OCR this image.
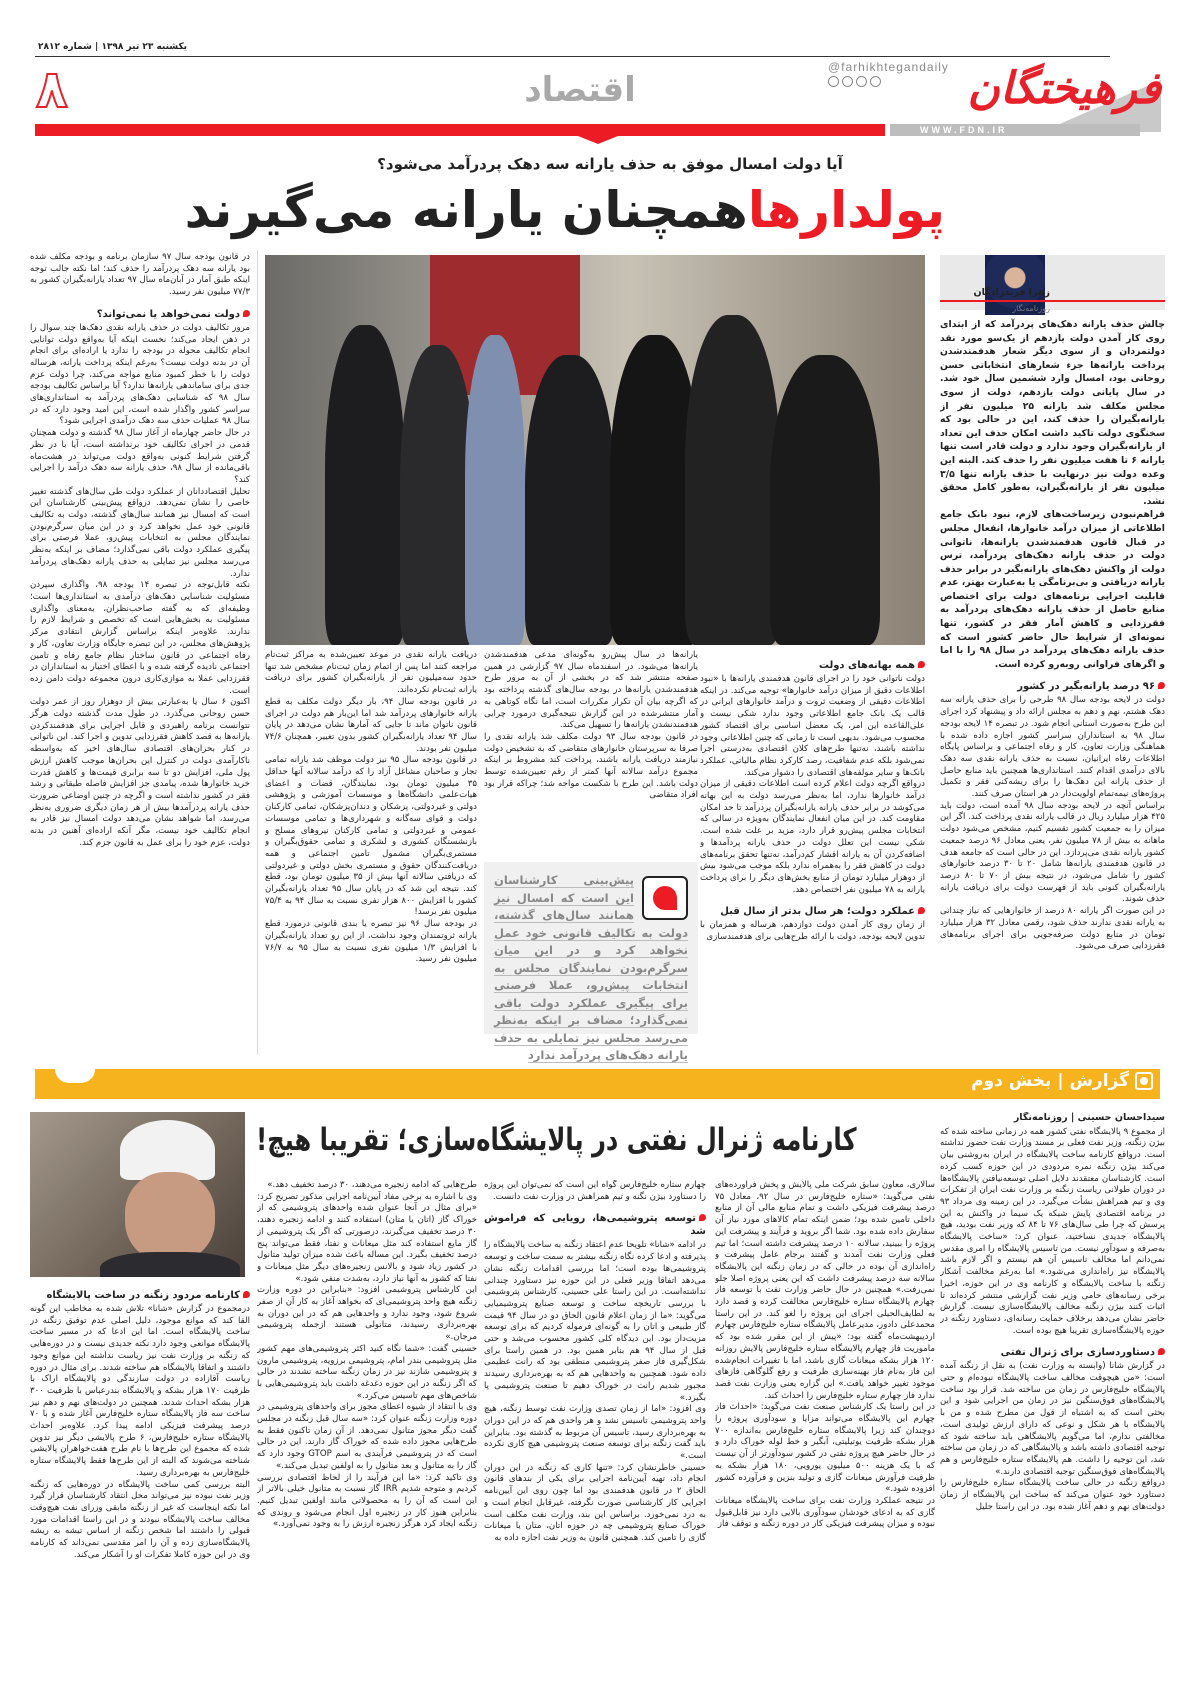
یکشنبه ۲۳ تیر ۱۳۹۸ | شماره ۲۸۱۲
فرهیختگان
@farhikhtegandaily
اقتصاد
۸
WWW.FDN.IR
آیا دولت امسال موفق به حذف یارانه سه دهک پردرآمد می‌شود؟
پولدارهاهمچنان یارانه می‌گیرند
زهرا فریدزادگان
روزنامه‌نگار

چالش حذف یارانه دهک‌های پردرآمد که از ابتدای روی کار آمدن دولت یازدهم از یک‌سو مورد نقد دولتمردان و از سوی دیگر شعار هدفمندشدن پرداخت یارانه‌ها جزء شعارهای انتخاباتی حسن روحانی بود، امسال وارد ششمین سال خود شد. در سال پایانی دولت یازدهم، دولت از سوی مجلس مکلف شد یارانه ۲۵ میلیون نفر از یارانه‌بگیران را حذف کند، این در حالی بود که سخنگوی دولت تاکید داشت امکان حذف این تعداد از یارانه‌بگیران وجود ندارد و دولت قادر است تنها یارانه ۶ تا هفت میلیون نفر را حذف کند. البته این وعده دولت نیز درنهایت با حذف یارانه تنها ۳/۵ میلیون نفر از یارانه‌بگیران، به‌طور کامل محقق نشد.

فراهم‌نبودن زیرساخت‌های لازم، نبود بانک جامع اطلاعاتی از میزان درآمد خانوارها، انفعال مجلس در قبال قانون هدفمندشدن یارانه‌ها، ناتوانی دولت در حذف یارانه دهک‌های پردرآمد، ترس دولت از واکنش دهک‌های یارانه‌بگیر در برابر حذف یارانه دریافتی و بی‌برنامگی یا به‌عبارت بهتر، عدم قابلیت اجرایی برنامه‌های دولت برای اختصاص منابع حاصل از حذف یارانه دهک‌های پردرآمد به فقرزدایی و کاهش آمار فقر در کشور، تنها نمونه‌ای از شرایط حال حاضر کشور است که حذف یارانه دهک‌های پردرآمد در سال ۹۸ را با اما و اگرهای فراوانی روبه‌رو کرده است.

۹۶ درصد یارانه‌بگیر در کشور

دولت در لایحه بودجه سال ۹۸ طرحی را برای حذف یارانه سه دهک هشتم، نهم و دهم به مجلس ارائه داد و پیشنهاد کرد اجرای این طرح به‌صورت استانی انجام شود. در تبصره ۱۴ لایحه بودجه سال ۹۸ به استانداران سراسر کشور اجازه داده شده با هماهنگی وزارت تعاون، کار و رفاه اجتماعی و براساس پایگاه اطلاعات رفاه ایرانیان، نسبت به حذف یارانه نقدی سه دهک بالای درآمدی اقدام کنند. استانداری‌ها همچنین باید منابع حاصل از حذف یارانه این دهک‌ها را برای ریشه‌کنی فقر و تکمیل پروژه‌های نیمه‌تمام اولویت‌دار در هر استان صرف کنند.

براساس آنچه در لایحه بودجه سال ۹۸ آمده است، دولت باید ۴۲۵ هزار میلیارد ریال در قالب یارانه نقدی پرداخت کند. اگر این میزان را به جمعیت کشور تقسیم کنیم، مشخص می‌شود دولت ماهانه به بیش از ۷۸ میلیون نفر، یعنی معادل ۹۶ درصد جمعیت کشور یارانه نقدی می‌پردازد. این در حالی است که جامعه هدف در قانون هدفمندی یارانه‌ها شامل ۲۰ تا ۳۰ درصد خانوارهای کشور را شامل می‌شود، در نتیجه بیش از ۷۰ تا ۸۰ درصد یارانه‌بگیران کنونی باید از فهرست دولت برای دریافت یارانه حذف شوند.

در این صورت اگر یارانه ۸۰ درصد از خانوارهایی که نیاز چندانی به یارانه نقدی ندارند حذف شود، رقمی معادل ۳۲ هزار میلیارد تومان در منابع دولت صرفه‌جویی برای اجرای برنامه‌های فقرزدایی صرف می‌شود.

همه بهانه‌های دولت

دولت ناتوانی خود را در اجرای قانون هدفمندی یارانه‌ها با «نبود اطلاعات دقیق از میزان درآمد خانوارها» توجیه می‌کند. در اینکه اطلاعات دقیقی از وضعیت ثروت و درآمد خانوارهای ایرانی در قالب یک بانک جامع اطلاعاتی وجود ندارد شکی نیست و علی‌القاعده این امر، یک معضل اساسی برای اقتصاد کشور محسوب می‌شود. بدیهی است تا زمانی که چنین اطلاعاتی وجود نداشته باشند، نه‌تنها طرح‌های کلان اقتصادی به‌درستی اجرا نمی‌شود بلکه عدم شفافیت، رصد کارکرد نظام مالیاتی، عملکرد بانک‌ها و سایر مولفه‌های اقتصادی را دشوار می‌کند.

درواقع اگرچه دولت اعلام کرده است اطلاعات دقیقی از میزان درآمد خانوارها ندارد، اما به‌نظر می‌رسد دولت به این بهانه می‌کوشد در برابر حذف یارانه یارانه‌بگیران پردرآمد تا حد امکان مقاومت کند. در این میان انفعال نمایندگان به‌ویژه در سالی که انتخابات مجلس پیش‌رو قرار دارد، مزید بر علت شده است. شکی نیست این تعلل دولت در حذف یارانه پردآمدها و اضافه‌کردن آن به یارانه اقشار کم‌درآمد، نه‌تنها تحقق برنامه‌های دولت در کاهش فقر را به‌همراه ندارد بلکه موجب می‌شود بیش از دوهزار میلیارد تومان از منابع بخش‌های دیگر را برای پرداخت یارانه به ۷۸ میلیون نفر اختصاص دهد.

عملکرد دولت؛ هر سال بدتر از سال قبل

از زمان روی کار آمدن دولت دوازدهم، هرساله و همزمان با تدوین لایحه بودجه، دولت با ارائه طرح‌هایی برای هدفمندسازی

یارانه‌ها در سال پیش‌رو به‌گونه‌ای مدعی هدفمندشدن یارانه‌ها می‌شود. در اسفندماه سال ۹۷ گزارشی در همین صفحه منتشر شد که در بخشی از آن به مرور طرح هدفمندشدن یارانه‌ها در بودجه سال‌های گذشته پرداخته بود که اگرچه بیان آن تکرار مکررات است، اما نگاه کوتاهی به آمار منتشرشده در این گزارش نتیجه‌گیری درمورد چرایی هدفمندنشدن یارانه‌ها را تسهیل می‌کند.

در قانون بودجه سال ۹۳ دولت مکلف شد یارانه نقدی را صرفا به سرپرستان خانوارهای متقاضی که به تشخیص دولت نیازمند دریافت یارانه باشند، پرداخت کند مشروط بر اینکه مجموع درآمد سالانه آنها کمتر از رقم تعیین‌شده توسط دولت باشد. این طرح با شکست مواجه شد؛ چراکه قرار بود افراد متقاضی

پیش‌بینی کارشناسان این است که امسال نیز همانند سال‌های گذشته، دولت به تکالیف قانونی خود عمل نخواهد کرد و در این میان سرگرم‌بودن نمایندگان مجلس به انتخابات پیش‌رو، عملا فرصتی برای پیگیری عملکرد دولت باقی نمی‌گذارد؛ مضاف بر اینکه به‌نظر می‌رسد مجلس نیز تمایلی به حذف یارانه دهک‌های پردرآمد ندارد

دریافت یارانه نقدی در موعد تعیین‌شده به مراکز ثبت‌نام مراجعه کنند اما پس از اتمام زمان ثبت‌نام مشخص شد تنها حدود سه‌میلیون نفر از یارانه‌بگیران کشور برای دریافت یارانه ثبت‌نام نکرده‌اند.

در قانون بودجه سال ۹۴، بار دیگر دولت مکلف به قطع یارانه خانوارهای پردرآمد شد اما این‌بار هم دولت در اجرای قانون ناتوان ماند تا جایی که آمارها نشان می‌دهد در پایان سال ۹۴ تعداد یارانه‌بگیران کشور بدون تغییر، همچنان ۷۴/۶ میلیون نفر بودند.

در قانون بودجه سال ۹۵ نیز دولت موظف شد یارانه تمامی تجار و صاحبان مشاغل آزاد را که درآمد سالانه آنها حداقل ۳۵ میلیون تومان بود، نمایندگان، قضات و اعضای هیات‌علمی دانشگاه‌ها و موسسات آموزشی و پژوهشی دولتی و غیردولتی، پزشکان و دندان‌پزشکان، تمامی کارکنان دولت و قوای سه‌گانه و شهرداری‌ها و تمامی موسسات عمومی و غیردولتی و تمامی کارکنان نیروهای مسلح و بازنشستگان کشوری و لشکری و تمامی حقوق‌بگیران و مستمری‌بگیران مشمول تامین اجتماعی و همه دریافت‌کنندگان حقوق و مستمری بخش دولتی و غیردولتی که دریافتی سالانه آنها بیش از ۳۵ میلیون تومان بود، قطع کند. نتیجه این شد که در پایان سال ۹۵ تعداد یارانه‌بگیران کشور با افزایش ۸۰۰ هزار نفری نسبت به سال ۹۴ به ۷۵/۴ میلیون نفر برسد!

در بودجه سال ۹۶ نیز تبصره یا بندی قانونی درمورد قطع یارانه ثروتمندان وجود نداشت، از این رو تعداد یارانه‌بگیران با افزایش ۱/۳ میلیون نفری نسبت به سال ۹۵ به ۷۶/۷ میلیون نفر رسید.

در قانون بودجه سال ۹۷ سازمان برنامه و بودجه مکلف شده بود یارانه سه دهک پردرآمد را حذف کند؛ اما نکته جالب توجه اینکه طبق آمار در آبان‌ماه سال ۹۷ تعداد یارانه‌بگیران کشور به ۷۷/۳ میلیون نفر رسید.

دولت نمی‌خواهد یا نمی‌تواند؟

مرور تکالیف دولت در حذف یارانه نقدی دهک‌ها چند سوال را در ذهن ایجاد می‌کند؛ نخست اینکه آیا به‌واقع دولت توانایی انجام تکالیف محوله در بودجه را ندارد یا اراده‌ای برای انجام آن در بدنه دولت نیست؟ به‌رغم اینکه پرداخت یارانه، هرساله دولت را با خطر کمبود منابع مواجه می‌کند، چرا دولت عزم جدی برای ساماندهی یارانه‌ها ندارد؟ آیا براساس تکالیف بودجه سال ۹۸ که شناسایی دهک‌های پردرآمد به استانداری‌های سراسر کشور واگذار شده است، این امید وجود دارد که در سال ۹۸ عملیات حذف سه دهک درآمدی اجرایی شود؟

در حال حاضر چهارماه از آغاز سال ۹۸ گذشته و دولت همچنان قدمی در اجرای تکالیف خود برنداشته است، آیا با در نظر گرفتن شرایط کنونی به‌واقع دولت می‌تواند در هشت‌ماه باقی‌مانده از سال ۹۸، حذف یارانه سه دهک درآمد را اجرایی کند؟

تحلیل اقتصاددانان از عملکرد دولت طی سال‌های گذشته تغییر خاصی را نشان نمی‌دهد. درواقع پیش‌بینی کارشناسان این است که امسال نیز همانند سال‌های گذشته، دولت به تکالیف قانونی خود عمل نخواهد کرد و در این میان سرگرم‌بودن نمایندگان مجلس به انتخابات پیش‌رو، عملا فرصتی برای پیگیری عملکرد دولت باقی نمی‌گذارد؛ مضاف بر اینکه به‌نظر می‌رسد مجلس نیز تمایلی به حذف یارانه دهک‌های پردرآمد ندارد.

نکته قابل‌توجه در تبصره ۱۴ بودجه ۹۸، واگذاری سپردن مسئولیت شناسایی دهک‌های درآمدی به استانداری‌ها است؛ وظیفه‌ای که به گفته صاحب‌نظران، به‌معنای واگذاری مسئولیت به بخش‌هایی است که تخصص و شرایط لازم را ندارند. علاوه‌بر اینکه براساس گزارش انتقادی مرکز پژوهش‌های مجلس، در این تبصره جایگاه وزارت تعاون، کار و رفاه اجتماعی در قانون ساختار نظام جامع رفاه و تامین اجتماعی نادیده گرفته شده و با اعطای اختیار به استانداران در فقرزدایی عملا به موازی‌کاری درون مجموعه دولت دامن زده است.

اکنون ۶ سال یا به‌عبارتی بیش از دوهزار روز از عمر دولت حسن روحانی می‌گذرد. در طول مدت گذشته دولت هرگز نتوانست برنامه راهبردی و قابل اجرایی برای هدفمندکردن یارانه‌ها به قصد کاهش فقرزدایی تدوین و اجرا کند. این ناتوانی در کنار بحران‌های اقتصادی سال‌های اخیر که به‌واسطه ناکارآمدی دولت در کنترل این بحران‌ها موجب کاهش ارزش پول ملی، افزایش دو تا سه برابری قیمت‌ها و کاهش قدرت خرید خانوارها شده، پیامدی جز افزایش فاصله طبقاتی و رشد فقر در کشور نداشته است و اگرچه در چنین اوضاعی ضرورت حذف یارانه پردرآمدها بیش از هر زمان دیگری ضروری به‌نظر می‌رسد، اما شواهد نشان می‌دهد دولت امسال نیز قادر به انجام تکالیف خود نیست، مگر آنکه اراده‌ای آهنین در بدنه دولت، عزم خود را برای عمل به قانون جزم کند.

گزارش | بخش دوم
کارنامه ژنرال نفتی در پالایشگاه‌سازی؛ تقریبا هیچ!

سیداحسان حسینی | روزنامه‌نگار

از مجموع ۹ پالایشگاه نفتی کشور همه در زمانی ساخته شده که بیژن زنگنه، وزیر نفت فعلی بر مسند وزارت نفت حضور نداشته است. درواقع کارنامه ساخت پالایشگاه در ایران به‌روشنی بیان می‌کند بیژن زنگنه نمره مردودی در این حوزه کسب کرده است. کارشناسان معتقدند دلایل اصلی توسعه‌نیافتن پالایشگاه‌ها در دوران طولانی ریاست زنگنه بر وزارت نفت ایران از تفکرات وی و تیم همراهش نشأت می‌گیرد. در این زمینه وی مرداد ۹۳ در برنامه اقتصادی پایش شبکه یک سیما در واکنش به این پرسش که چرا طی سال‌های ۷۶ تا ۸۴ که وزیر نفت بودید، هیچ پالایشگاه جدیدی نساختید، عنوان کرد: «ساخت پالایشگاه به‌صرفه و سودآور نیست. من تاسیس پالایشگاه را امری مقدس نمی‌دانم اما مخالف تاسیس آن هم نیستم و اگر لازم باشد پالایشگاه نیز راه‌اندازی می‌شود.» اما به‌رغم مخالفت آشکار زنگنه با ساخت پالایشگاه و کارنامه وی در این حوزه، اخیرا برخی رسانه‌های حامی وزیر نفت گزارشی منتشر کرده‌اند تا اثبات کنند بیژن زنگنه مخالف پالایشگاه‌سازی نیست. گزارش حاضر نشان می‌دهد برخلاف حمایت رسانه‌ای، دستاورد زنگنه در حوزه پالایشگاه‌سازی تقریبا هیچ بوده است.

دستاوردسازی برای ژنرال نفتی

در گزارش شانا (وابسته به وزارت نفت) به نقل از زنگنه آمده است: «من هیچوقت مخالف ساخت پالایشگاه نبوده‌ام و حتی پالایشگاه خلیج‌فارس در زمان من ساخته شد. قرار بود ساخت پالایشگاه‌های فوق‌سنگین نیز در زمان من اجرایی شود و این بحثی است که به اشتباه از قول من مطرح شده و من با پالایشگاه با هر شکل و نوعی که دارای ارزش تولیدی است، مخالفتی ندارم، اما می‌گویم پالایشگاهی باید ساخته شود که توجیه اقتصادی داشته باشد و پالایشگاهی که در زمان من ساخته شد، این توجیه را داشت. هم پالایشگاه ستاره خلیج‌فارس و هم پالایشگاه‌های فوق‌سنگین توجیه اقتصادی دارند.»

درواقع زنگنه در حالی ساخت پالایشگاه ستاره خلیج‌فارس را دستاورد خود عنوان می‌کند که ساخت این پالایشگاه از زمان دولت‌های نهم و دهم آغاز شده بود. در این راستا جلیل

سالاری، معاون سابق شرکت ملی پالایش و پخش فرآورده‌های نفتی می‌گوید: «ستاره خلیج‌فارس در سال ۹۲، معادل ۷۵ درصد پیشرفت فیزیکی داشت و تمام منابع مالی آن از منابع داخلی تامین شده بود؛ ضمن اینکه تمام کالاهای مورد نیاز آن سفارش داده شده بود. شما اگر بروید و فرآیند و پیشرفت این پروژه را ببینید، سالانه ۱۰ درصد پیشرفت داشته است؛ اما تیم فعلی وزارت نفت آمدند و گفتند برجام عامل پیشرفت و راه‌اندازی آن بوده در حالی که در زمان زنگنه این پالایشگاه سالانه سه درصد پیشرفت داشت که این یعنی پروژه اصلا جلو نمی‌رفت.» همچنین در حال حاضر وزارت نفت با توسعه فاز چهارم پالایشگاه ستاره خلیج‌فارس مخالفت کرده و قصد دارد به لطایف‌الحیلی اجرای این پروژه را لغو کند. در این راستا محمدعلی دادور، مدیرعامل پالایشگاه ستاره خلیج‌فارس چهارم اردیبهشت‌ماه گفته بود: «پیش از این مقرر شده بود که ماموریت فاز چهارم پالایشگاه ستاره خلیج‌فارس پالایش روزانه ۱۲۰ هزار بشکه میعانات گازی باشد، اما با تغییرات انجام‌شده این فاز به‌نام فاز بهینه‌سازی ظرفیت و رفع گلوگاهی فازهای موجود تغییر خواهد یافت.» این گزاره یعنی وزارت نفت قصد ندارد فاز چهارم ستاره خلیج‌فارس را احداث کند.

در این راستا یک کارشناس صنعت نفت می‌گوید: «احداث فاز چهارم این پالایشگاه می‌تواند مزایا و سودآوری پروژه را دوچندان کند زیرا پالایشگاه ستاره خلیج‌فارس به‌اندازه ۷۰۰ هزار بشکه ظرفیت یوتیلیتی، آبگیر و خط لوله خوراک دارد و در حال حاضر هیچ پروژه نفتی در کشور سودآورتر از آن نیست که با یک هزینه ۵۰۰ میلیون یورویی، ۱۸۰ هزار بشکه به ظرفیت فرآورش میعانات گازی و تولید بنزین و فرآورده کشور افزوده شود.»

در نتیجه عملکرد وزارت نفت برای ساخت پالایشگاه میعانات گازی که به ادعای خودشان سودآوری بالایی دارد نیز قابل‌قبول نبوده و میزان پیشرفت فیزیکی کار در دوره زنگنه و توقف فاز

چهارم ستاره خلیج‌فارس گواه این است که نمی‌توان این پروژه را دستاورد بیژن نگنه و تیم همراهش در وزارت نفت دانست.

توسعه پتروشیمی‌ها، رویایی که فراموش شد

در ادامه «شانا» تلویحا عدم اعتقاد زنگنه به ساخت پالایشگاه را پذیرفته و ادعا کرده نگاه زنگنه بیشتر به سمت ساخت و توسعه پتروشیمی‌ها بوده است؛ اما بررسی اقدامات زنگنه نشان می‌دهد اتفاقا وزیر فعلی در این حوزه نیز دستاورد چندانی نداشته‌است. در این راستا علی حسینی، کارشناس پتروشیمی با بررسی تاریخچه ساخت و توسعه صنایع پتروشیمیایی می‌گوید: «ما از زمان اعلام قانون الحاق دو در سال ۹۴ قیمت گاز طبیعی و اتان را به گونه‌ای فرموله کردیم که برای توسعه مزیت‌دار بود. این دیدگاه کلی کشور محسوب می‌شد و حتی قبل از سال ۹۴ هم بنابر همین بود. در همین راستا برای شکل‌گیری فاز صفر پتروشیمی منطقی بود که رانت عظیمی داده شود. همچنین به واحدهایی هم که به بهره‌برداری رسیدند مجبور شدیم رانت در خوراک دهیم تا صنعت پتروشیمی پا بگیرد.»

وی افزود: «اما از زمان تصدی وزارت نفت توسط زنگنه، هیچ واحد پتروشیمی تاسیس نشد و هر واحدی هم که در این دوران به بهره‌برداری رسید، تاسیس آن مربوط به گذشته بود. بنابراین باید گفت زنگنه برای توسعه صنعت پتروشیمی هیچ کاری نکرده است.»

حسینی خاطرنشان کرد: «تنها کاری که زنگنه در این دوران انجام داد، تهیه آیین‌نامه اجرایی برای یکی از بندهای قانون الحاق ۲ در قانون هدفمندی بود اما چون روی این آیین‌نامه اجرایی کار کارشناسی صورت نگرفته، غیرقابل انجام است و به درد نمی‌خورد. براساس این بند، وزارت نفت مکلف است خوراک صنایع پتروشیمی چه در حوزه اتان، متان یا میعانات گازی را تامین کند. همچنین قانون به وزیر نفت اجازه داده به

طرح‌هایی که ادامه زنجیره می‌دهند، ۳۰ درصد تخفیف دهد.»

وی با اشاره به برخی مفاد آیین‌نامه اجرایی مذکور تصریح کرد: «برای مثال در آنجا عنوان شده واحدهای پتروشیمی که از خوراک گاز (اتان یا متان) استفاده کنند و ادامه زنجیره دهند، ۳۰ درصد تخفیف می‌گیرند، درصورتی که اگر یک پتروشیمی از گاز مایع استفاده کند مثل میعانات و نفتا، فقط می‌تواند پنج درصد تخفیف بگیرد. این مساله باعث شده میزان تولید متانول در کشور زیاد شود و بالانس زنجیره‌های دیگر مثل میعانات و نفتا که کشور به آنها نیاز دارد، به‌شدت منفی شود.»

این کارشناس پتروشیمی افزود: «بنابراین در دوره وزارت زنگنه هیچ واحد پتروشیمی‌ای که بخواهد آغاز به کار آن از صفر شروع شود، وجود ندارد و واحدهایی هم که در این دوران به بهره‌برداری رسیدند، متانولی هستند ازجمله پتروشیمی مرجان.»

حسینی گفت: «شما نگاه کنید اکثر پتروشیمی‌های مهم کشور مثل پتروشیمی بندر امام، پتروشیمی برزویه، پتروشیمی مارون و پتروشیمی شازند نیز در زمان زنگنه ساخته نشدند در حالی که اگر زنگنه در این حوزه دغدغه داشت باید پتروشیمی‌هایی با شاخص‌های مهم تاسیس می‌کرد.»

وی با انتقاد از شیوه اعطای مجوز برای واحدهای پتروشیمی در دوره وزارت زنگنه عنوان کرد: «سه سال قبل زنگنه در مجلس گفت دیگر مجوز متانول نمی‌دهد. از آن زمان تاکنون فقط به طرح‌هایی مجوز داده شده که خوراک گاز دارند. این در حالی است که در پتروشیمی فرآیندی به اسم GTOP وجود دارد که گاز را به متانول و بعد متانول را به اولفین تبدیل می‌کند.»

وی تاکید کرد: «ما این فرآیند را از لحاظ اقتصادی بررسی کردیم و متوجه شدیم IRR گاز نسبت به متانول خیلی بالاتر از این است که آن را به محصولاتی مانند اولفین تبدیل کنیم. بنابراین هنوز کار در زنجیره اول انجام می‌شود و روندی که زنگنه ایجاد کرد هرگز زنجیره ارزش را به وجود نمی‌آورد.»

کارنامه مردود زنگنه در ساخت پالایشگاه

درمجموع در گزارش «شانا» تلاش شده به مخاطب این گونه القا کند که موانع موجود، دلیل اصلی عدم توفیق زنگنه در ساخت پالایشگاه است. اما این ادعا که در مسیر ساخت پالایشگاه موانعی وجود دارد نکته جدیدی نیست و در دوره‌هایی که زنگنه بر وزارت نفت نیز ریاست نداشته این موانع وجود داشتند و اتفاقا پالایشگاه هم ساخته شدند. برای مثال در دوره ریاست آقازاده در دولت سازندگی دو پالایشگاه اراک با ظرفیت ۱۷۰ هزار بشکه و پالایشگاه بندرعباس با ظرفیت ۳۰۰ هزار بشکه احداث شدند. همچنین در دولت‌های نهم و دهم نیز ساخت سه فاز پالایشگاه ستاره خلیج‌فارس آغاز شده و با ۷۰ درصد پیشرفت فیزیکی ادامه پیدا کرد. علاوه‌بر احداث پالایشگاه ستاره خلیج‌فارس، ۶ طرح پالایشی دیگر نیز تدوین شده که مجموع این طرح‌ها با نام طرح هفت‌خواهران پالایشی شناخته می‌شوند که البته از این طرح‌ها فقط پالایشگاه ستاره خلیج‌فارس به بهره‌برداری رسید.

البته بررسی کمی ساخت پالایشگاه در دوره‌هایی که زنگنه وزیر نفت نبوده نیز می‌تواند محل انتقاد کارشناسان قرار گیرد اما نکته اینجاست که غیر از زنگنه مابقی وزرای نفت هیچ‌وقت مخالف ساخت پالایشگاه نبودند و در این راستا اقدامات مورد قبولی را داشتند اما شخص زنگنه از اساس تیشه به ریشه پالایشگاه‌سازی زده و آن را امر مقدسی نمی‌داند که کارنامه وی در این حوزه کاملا تفکرات او را آشکار می‌کند.
